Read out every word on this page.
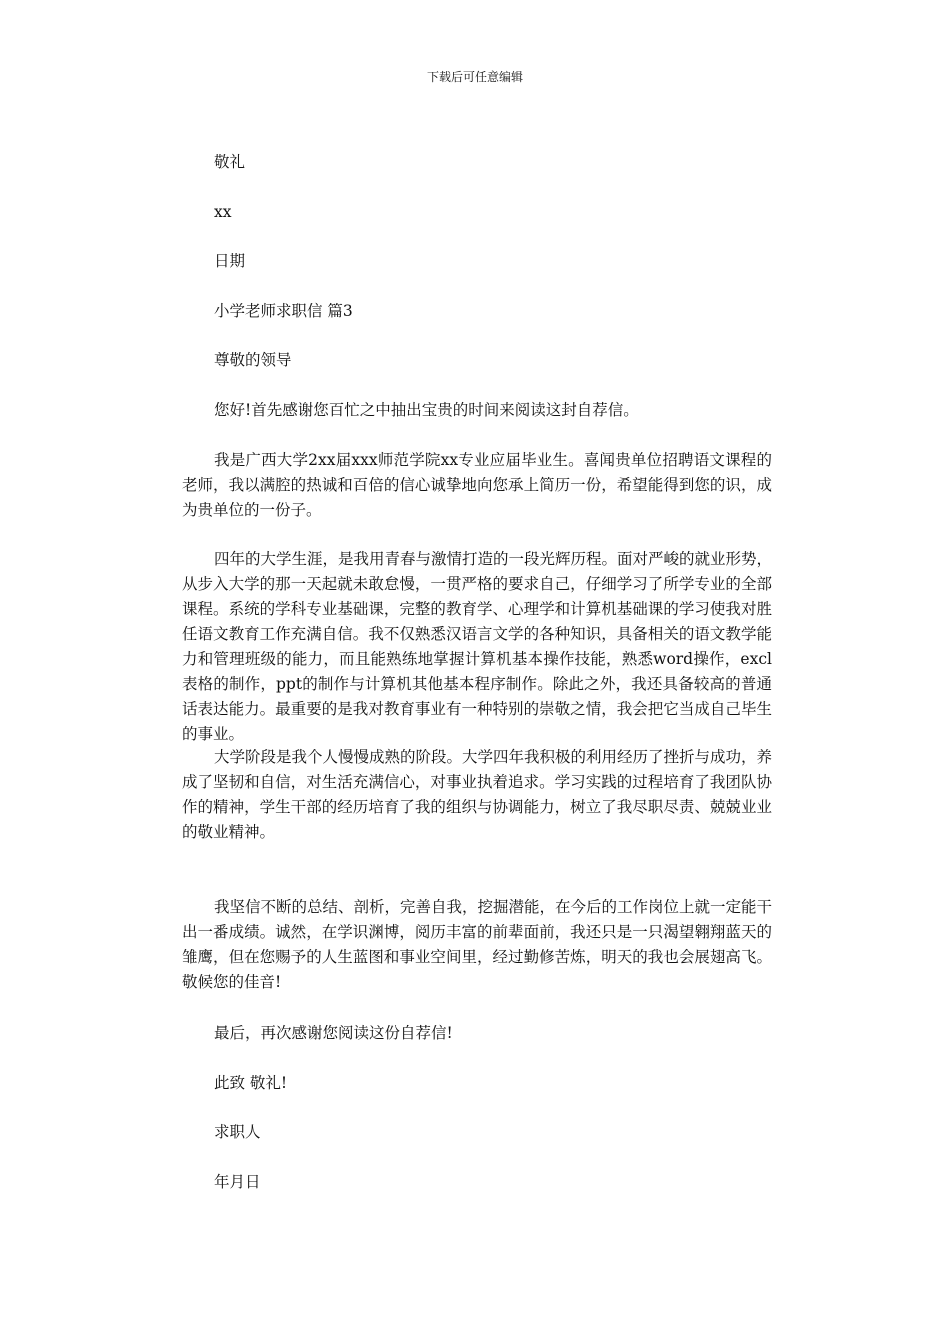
下载后可任意编辑
敬礼
xx
日期
小学老师求职信 篇3
尊敬的领导
您好!首先感谢您百忙之中抽出宝贵的时间来阅读这封自荐信。
我是广西大学2xx届xxx师范学院xx专业应届毕业生。喜闻贵单位招聘语文课程的老师，我以满腔的热诚和百倍的信心诚挚地向您承上简历一份，希望能得到您的识，成为贵单位的一份子。
四年的大学生涯，是我用青春与激情打造的一段光辉历程。面对严峻的就业形势，从步入大学的那一天起就未敢怠慢，一贯严格的要求自己，仔细学习了所学专业的全部课程。系统的学科专业基础课，完整的教育学、心理学和计算机基础课的学习使我对胜任语文教育工作充满自信。我不仅熟悉汉语言文学的各种知识，具备相关的语文教学能力和管理班级的能力，而且能熟练地掌握计算机基本操作技能，熟悉word操作，excl表格的制作，ppt的制作与计算机其他基本程序制作。除此之外，我还具备较高的普通话表达能力。最重要的是我对教育事业有一种特别的崇敬之情，我会把它当成自己毕生的事业。
大学阶段是我个人慢慢成熟的阶段。大学四年我积极的利用经历了挫折与成功，养成了坚韧和自信，对生活充满信心，对事业执着追求。学习实践的过程培育了我团队协作的精神，学生干部的经历培育了我的组织与协调能力，树立了我尽职尽责、兢兢业业的敬业精神。
我坚信不断的总结、剖析，完善自我，挖掘潜能，在今后的工作岗位上就一定能干出一番成绩。诚然，在学识渊博，阅历丰富的前辈面前，我还只是一只渴望翱翔蓝天的雏鹰，但在您赐予的人生蓝图和事业空间里，经过勤修苦炼，明天的我也会展翅高飞。敬候您的佳音!
最后，再次感谢您阅读这份自荐信!
此致 敬礼!
求职人
年月日
